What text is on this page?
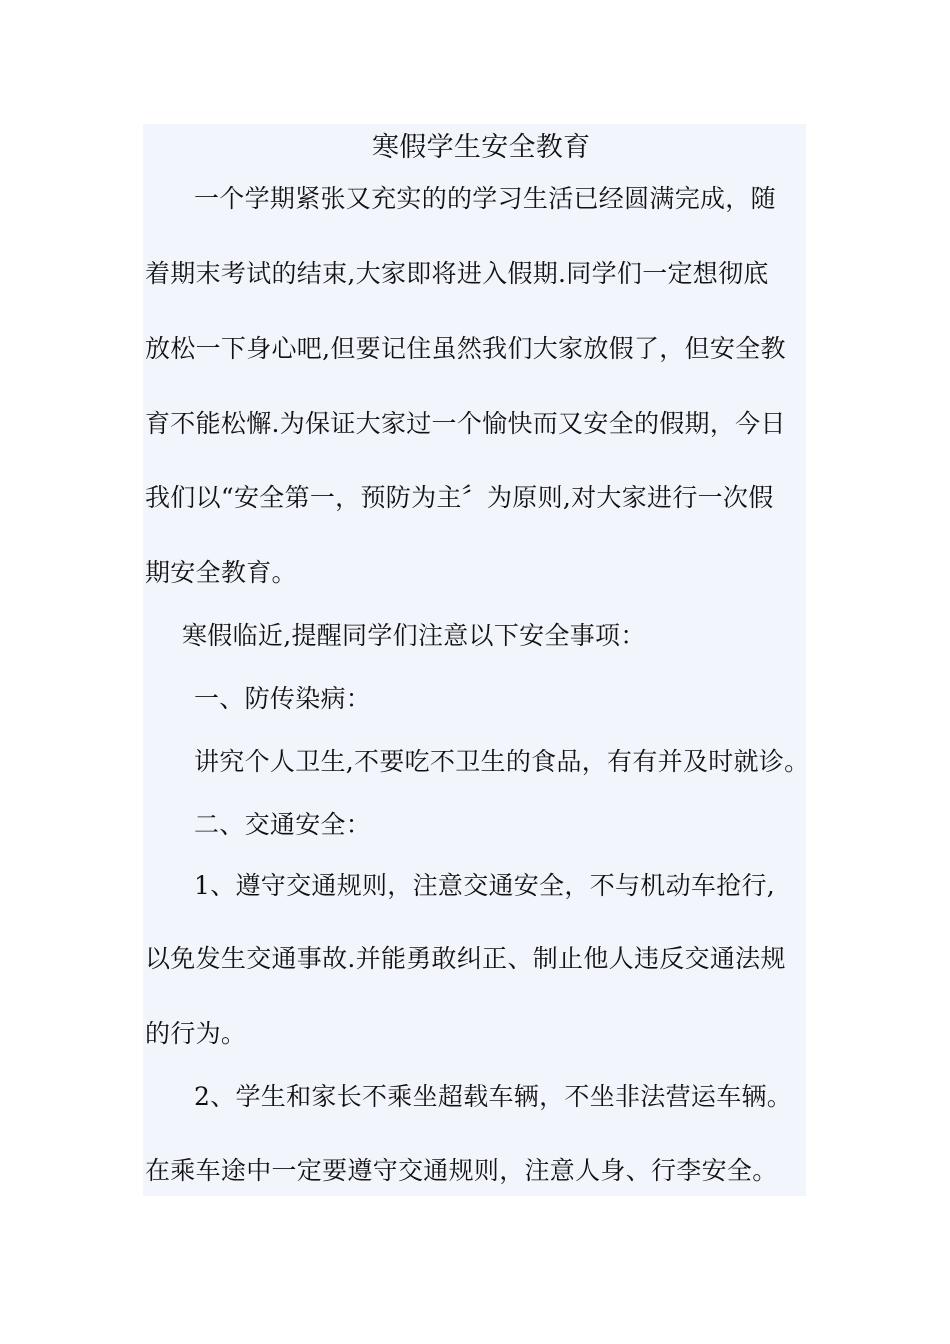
寒假学生安全教育
一个学期紧张又充实的的学习生活已经圆满完成，随
着期末考试的结束,大家即将进入假期.同学们一定想彻底
放松一下身心吧,但要记住虽然我们大家放假了，但安全教
育不能松懈.为保证大家过一个愉快而又安全的假期，今日
我们以“安全第一，预防为主〞为原则,对大家进行一次假
期安全教育。
寒假临近,提醒同学们注意以下安全事项：
一、防传染病：
讲究个人卫生,不要吃不卫生的食品，有有并及时就诊。
二、交通安全：
1、遵守交通规则，注意交通安全，不与机动车抢行,
以免发生交通事故.并能勇敢纠正、制止他人违反交通法规
的行为。
2、学生和家长不乘坐超载车辆，不坐非法营运车辆。
在乘车途中一定要遵守交通规则，注意人身、行李安全。
